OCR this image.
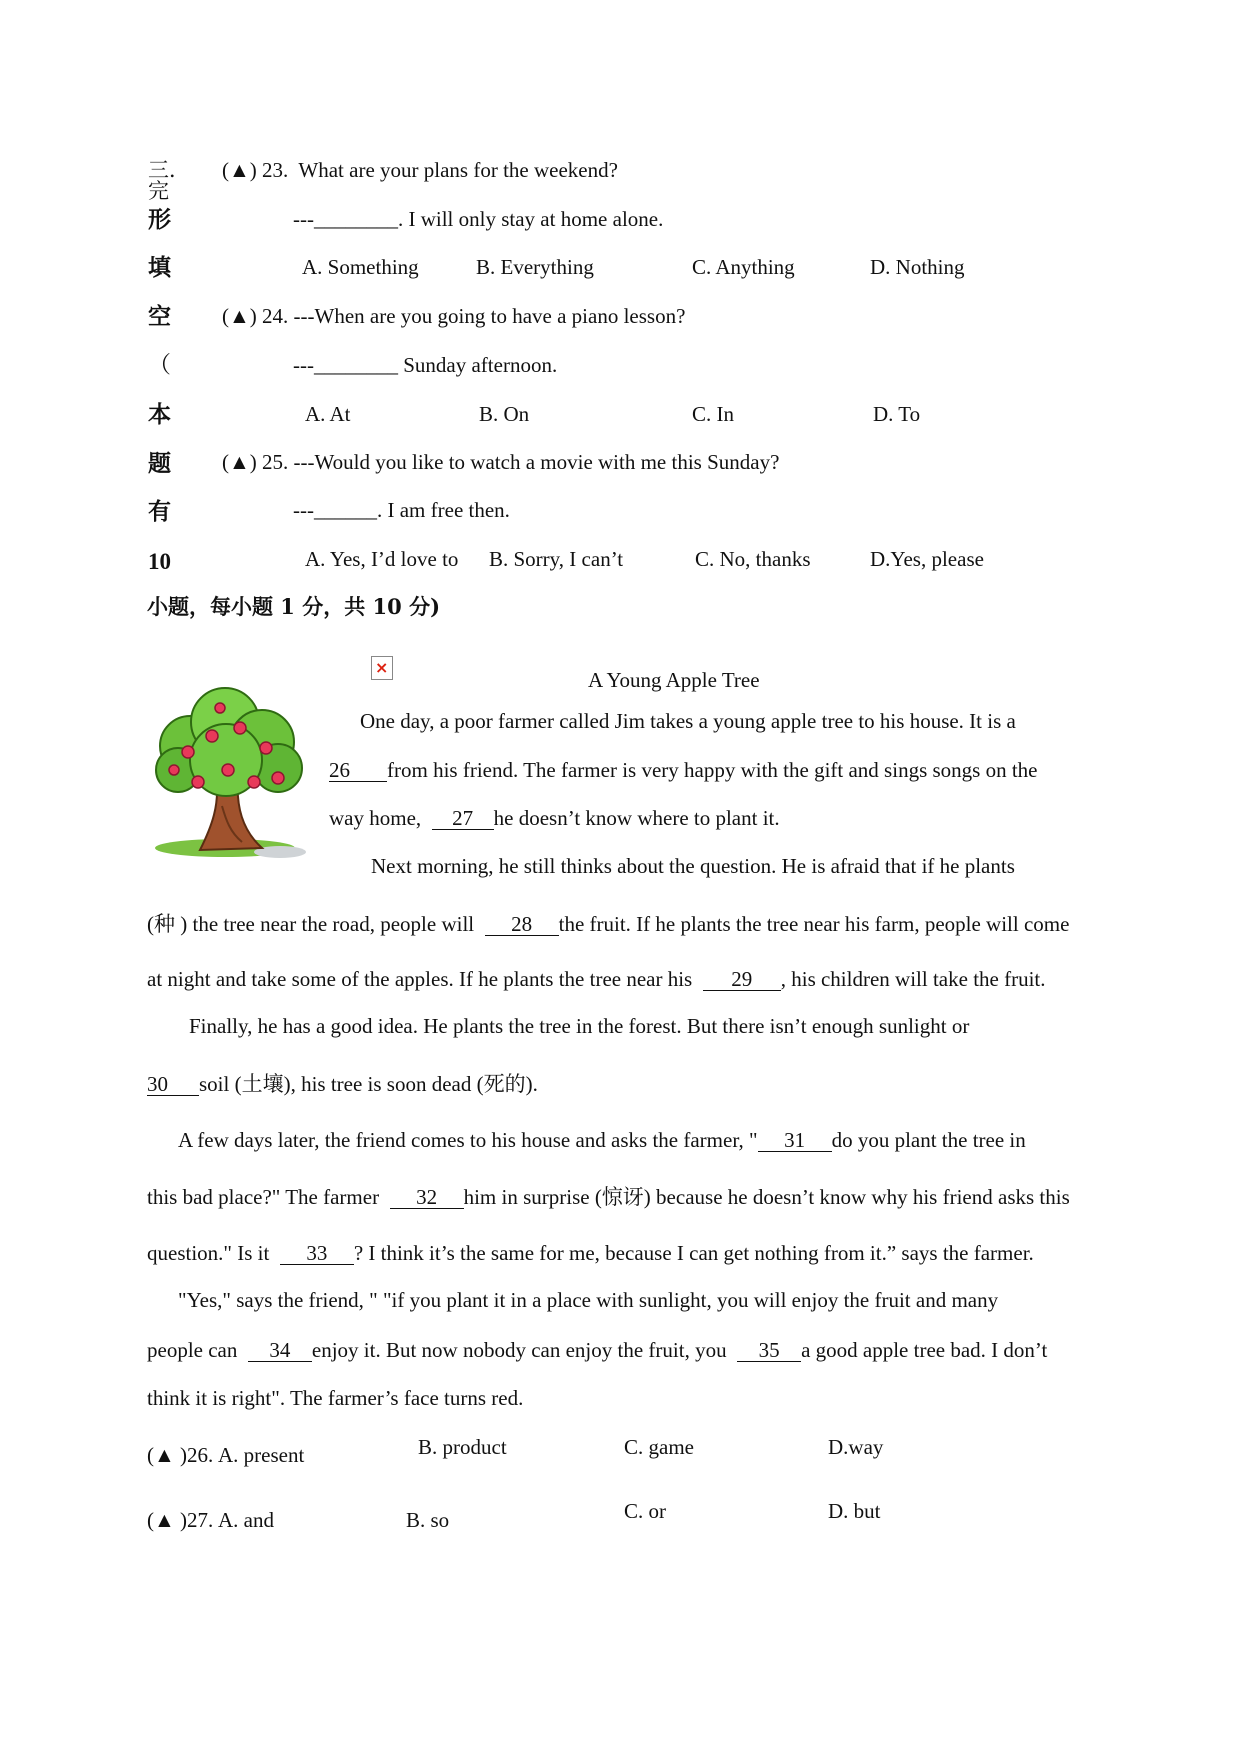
三．完
形
填
空
（
本
题
有
10
(▲) 23. What are your plans for the weekend?
---________. I will only stay at home alone.
A. Something	B. Everything	C. Anything	D. Nothing
(▲) 24. ---When are you going to have a piano lesson?
---________ Sunday afternoon.
A. At	B. On	C. In	D. To
(▲) 25. ---Would you like to watch a movie with me this Sunday?
---______. I am free then.
A. Yes, I’d love to B. Sorry, I can’t	C. No, thanks	D.Yes, please
小题，每小题 1 分，共 10 分)
×
A Young Apple Tree
One day, a poor farmer called Jim takes a young apple tree to his house. It is a
26 from his friend. The farmer is very happy with the gift and sings songs on the
way home, 27 he doesn’t know where to plant it.
Next morning, he still thinks about the question. He is afraid that if he plants
(种 ) the tree near the road, people will 28 the fruit. If he plants the tree near his farm, people will come
at night and take some of the apples. If he plants the tree near his 29 , his children will take the fruit.
Finally, he has a good idea. He plants the tree in the forest. But there isn’t enough sunlight or
30 soil (土壤), his tree is soon dead (死的).
A few days later, the friend comes to his house and asks the farmer, " 31 do you plant the tree in
this bad place?" The farmer 32 him in surprise (惊讶) because he doesn’t know why his friend asks this
question." Is it 33 ? I think it’s the same for me, because I can get nothing from it.” says the farmer.
"Yes," says the friend, " "if you plant it in a place with sunlight, you will enjoy the fruit and many
people can 34 enjoy it. But now nobody can enjoy the fruit, you 35 a good apple tree bad. I don’t
think it is right". The farmer’s face turns red.
(▲ )26. A. present	B. product	C. game	D.way
(▲ )27. A. and	B. so	C. or	D. but
